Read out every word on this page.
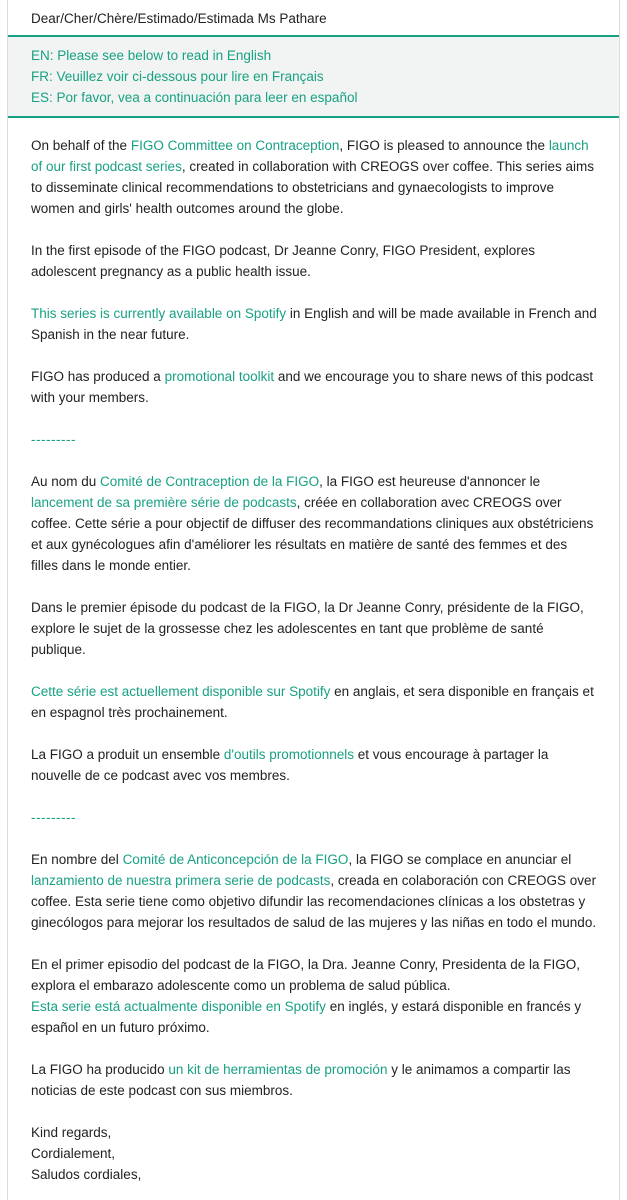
Dear/Cher/Chère/Estimado/Estimada Ms Pathare
EN: Please see below to read in English
FR: Veuillez voir ci-dessous pour lire en Français
ES: Por favor, vea a continuación para leer en español

On behalf of the FIGO Committee on Contraception, FIGO is pleased to announce the launch of our first podcast series, created in collaboration with CREOGS over coffee. This series aims to disseminate clinical recommendations to obstetricians and gynaecologists to improve women and girls' health outcomes around the globe.

In the first episode of the FIGO podcast, Dr Jeanne Conry, FIGO President, explores adolescent pregnancy as a public health issue.

This series is currently available on Spotify in English and will be made available in French and Spanish in the near future.

FIGO has produced a promotional toolkit and we encourage you to share news of this podcast with your members.

---------

Au nom du Comité de Contraception de la FIGO, la FIGO est heureuse d'annoncer le lancement de sa première série de podcasts, créée en collaboration avec CREOGS over coffee. Cette série a pour objectif de diffuser des recommandations cliniques aux obstétriciens et aux gynécologues afin d'améliorer les résultats en matière de santé des femmes et des filles dans le monde entier.

Dans le premier épisode du podcast de la FIGO, la Dr Jeanne Conry, présidente de la FIGO, explore le sujet de la grossesse chez les adolescentes en tant que problème de santé publique.

Cette série est actuellement disponible sur Spotify en anglais, et sera disponible en français et en espagnol très prochainement.

La FIGO a produit un ensemble d'outils promotionnels et vous encourage à partager la nouvelle de ce podcast avec vos membres.

---------

En nombre del Comité de Anticoncepción de la FIGO, la FIGO se complace en anunciar el lanzamiento de nuestra primera serie de podcasts, creada en colaboración con CREOGS over coffee. Esta serie tiene como objetivo difundir las recomendaciones clínicas a los obstetras y ginecólogos para mejorar los resultados de salud de las mujeres y las niñas en todo el mundo.

En el primer episodio del podcast de la FIGO, la Dra. Jeanne Conry, Presidenta de la FIGO, explora el embarazo adolescente como un problema de salud pública.
Esta serie está actualmente disponible en Spotify en inglés, y estará disponible en francés y español en un futuro próximo.

La FIGO ha producido un kit de herramientas de promoción y le animamos a compartir las noticias de este podcast con sus miembros.

Kind regards,
Cordialement,
Saludos cordiales,
